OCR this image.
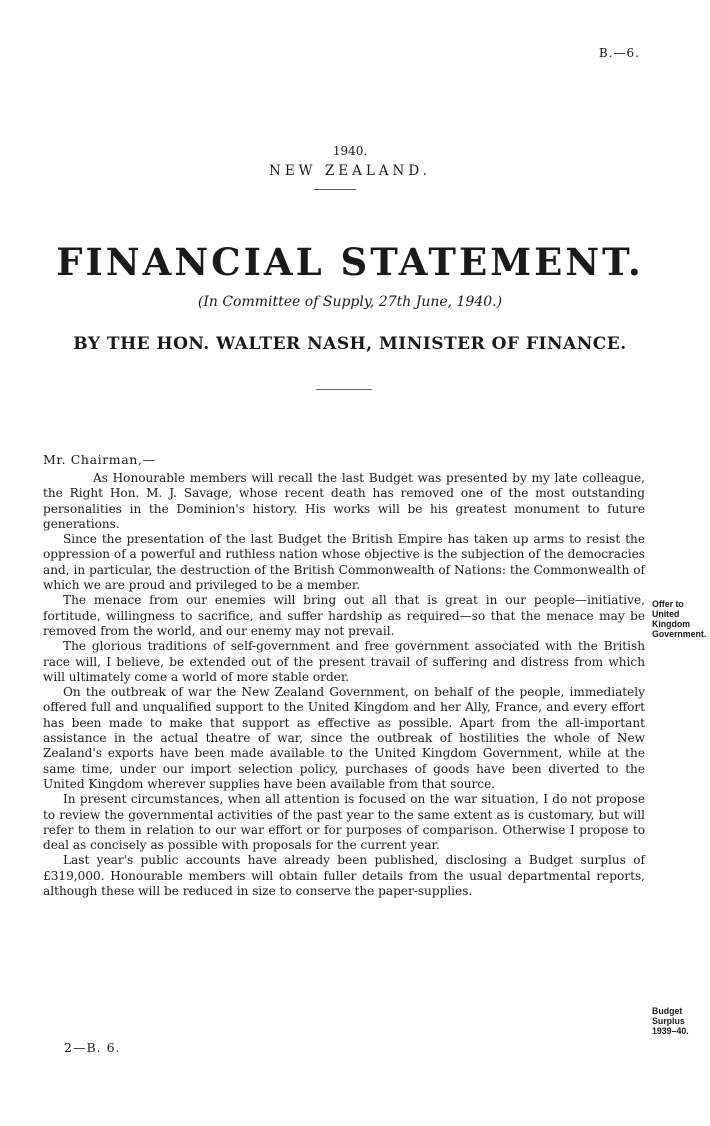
B.—6.
1940.
NEW ZEALAND.
FINANCIAL STATEMENT.
(In Committee of Supply, 27th June, 1940.)
BY THE HON. WALTER NASH, MINISTER OF FINANCE.
Mr. Chairman,—

As Honourable members will recall the last Budget was presented by my late colleague, the Right Hon. M. J. Savage, whose recent death has removed one of the most outstanding personalities in the Dominion's history. His works will be his greatest monument to future generations.

Since the presentation of the last Budget the British Empire has taken up arms to resist the oppression of a powerful and ruthless nation whose objective is the subjection of the democracies and, in particular, the destruction of the British Commonwealth of Nations: the Commonwealth of which we are proud and privileged to be a member.

The menace from our enemies will bring out all that is great in our people—initiative, fortitude, willingness to sacrifice, and suffer hardship as required—so that the menace may be removed from the world, and our enemy may not prevail.

The glorious traditions of self-government and free government associated with the British race will, I believe, be extended out of the present travail of suffering and distress from which will ultimately come a world of more stable order.

On the outbreak of war the New Zealand Government, on behalf of the people, immediately offered full and unqualified support to the United Kingdom and her Ally, France, and every effort has been made to make that support as effective as possible. Apart from the all-important assistance in the actual theatre of war, since the outbreak of hostilities the whole of New Zealand's exports have been made available to the United Kingdom Government, while at the same time, under our import selection policy, purchases of goods have been diverted to the United Kingdom wherever supplies have been available from that source.

In present circumstances, when all attention is focused on the war situation, I do not propose to review the governmental activities of the past year to the same extent as is customary, but will refer to them in relation to our war effort or for purposes of comparison. Otherwise I propose to deal as concisely as possible with proposals for the current year.

Last year's public accounts have already been published, disclosing a Budget surplus of £319,000. Honourable members will obtain fuller details from the usual departmental reports, although these will be reduced in size to conserve the paper-supplies.

Offer to United Kingdom Government.
Budget Surplus 1939–40.
2—B. 6.
